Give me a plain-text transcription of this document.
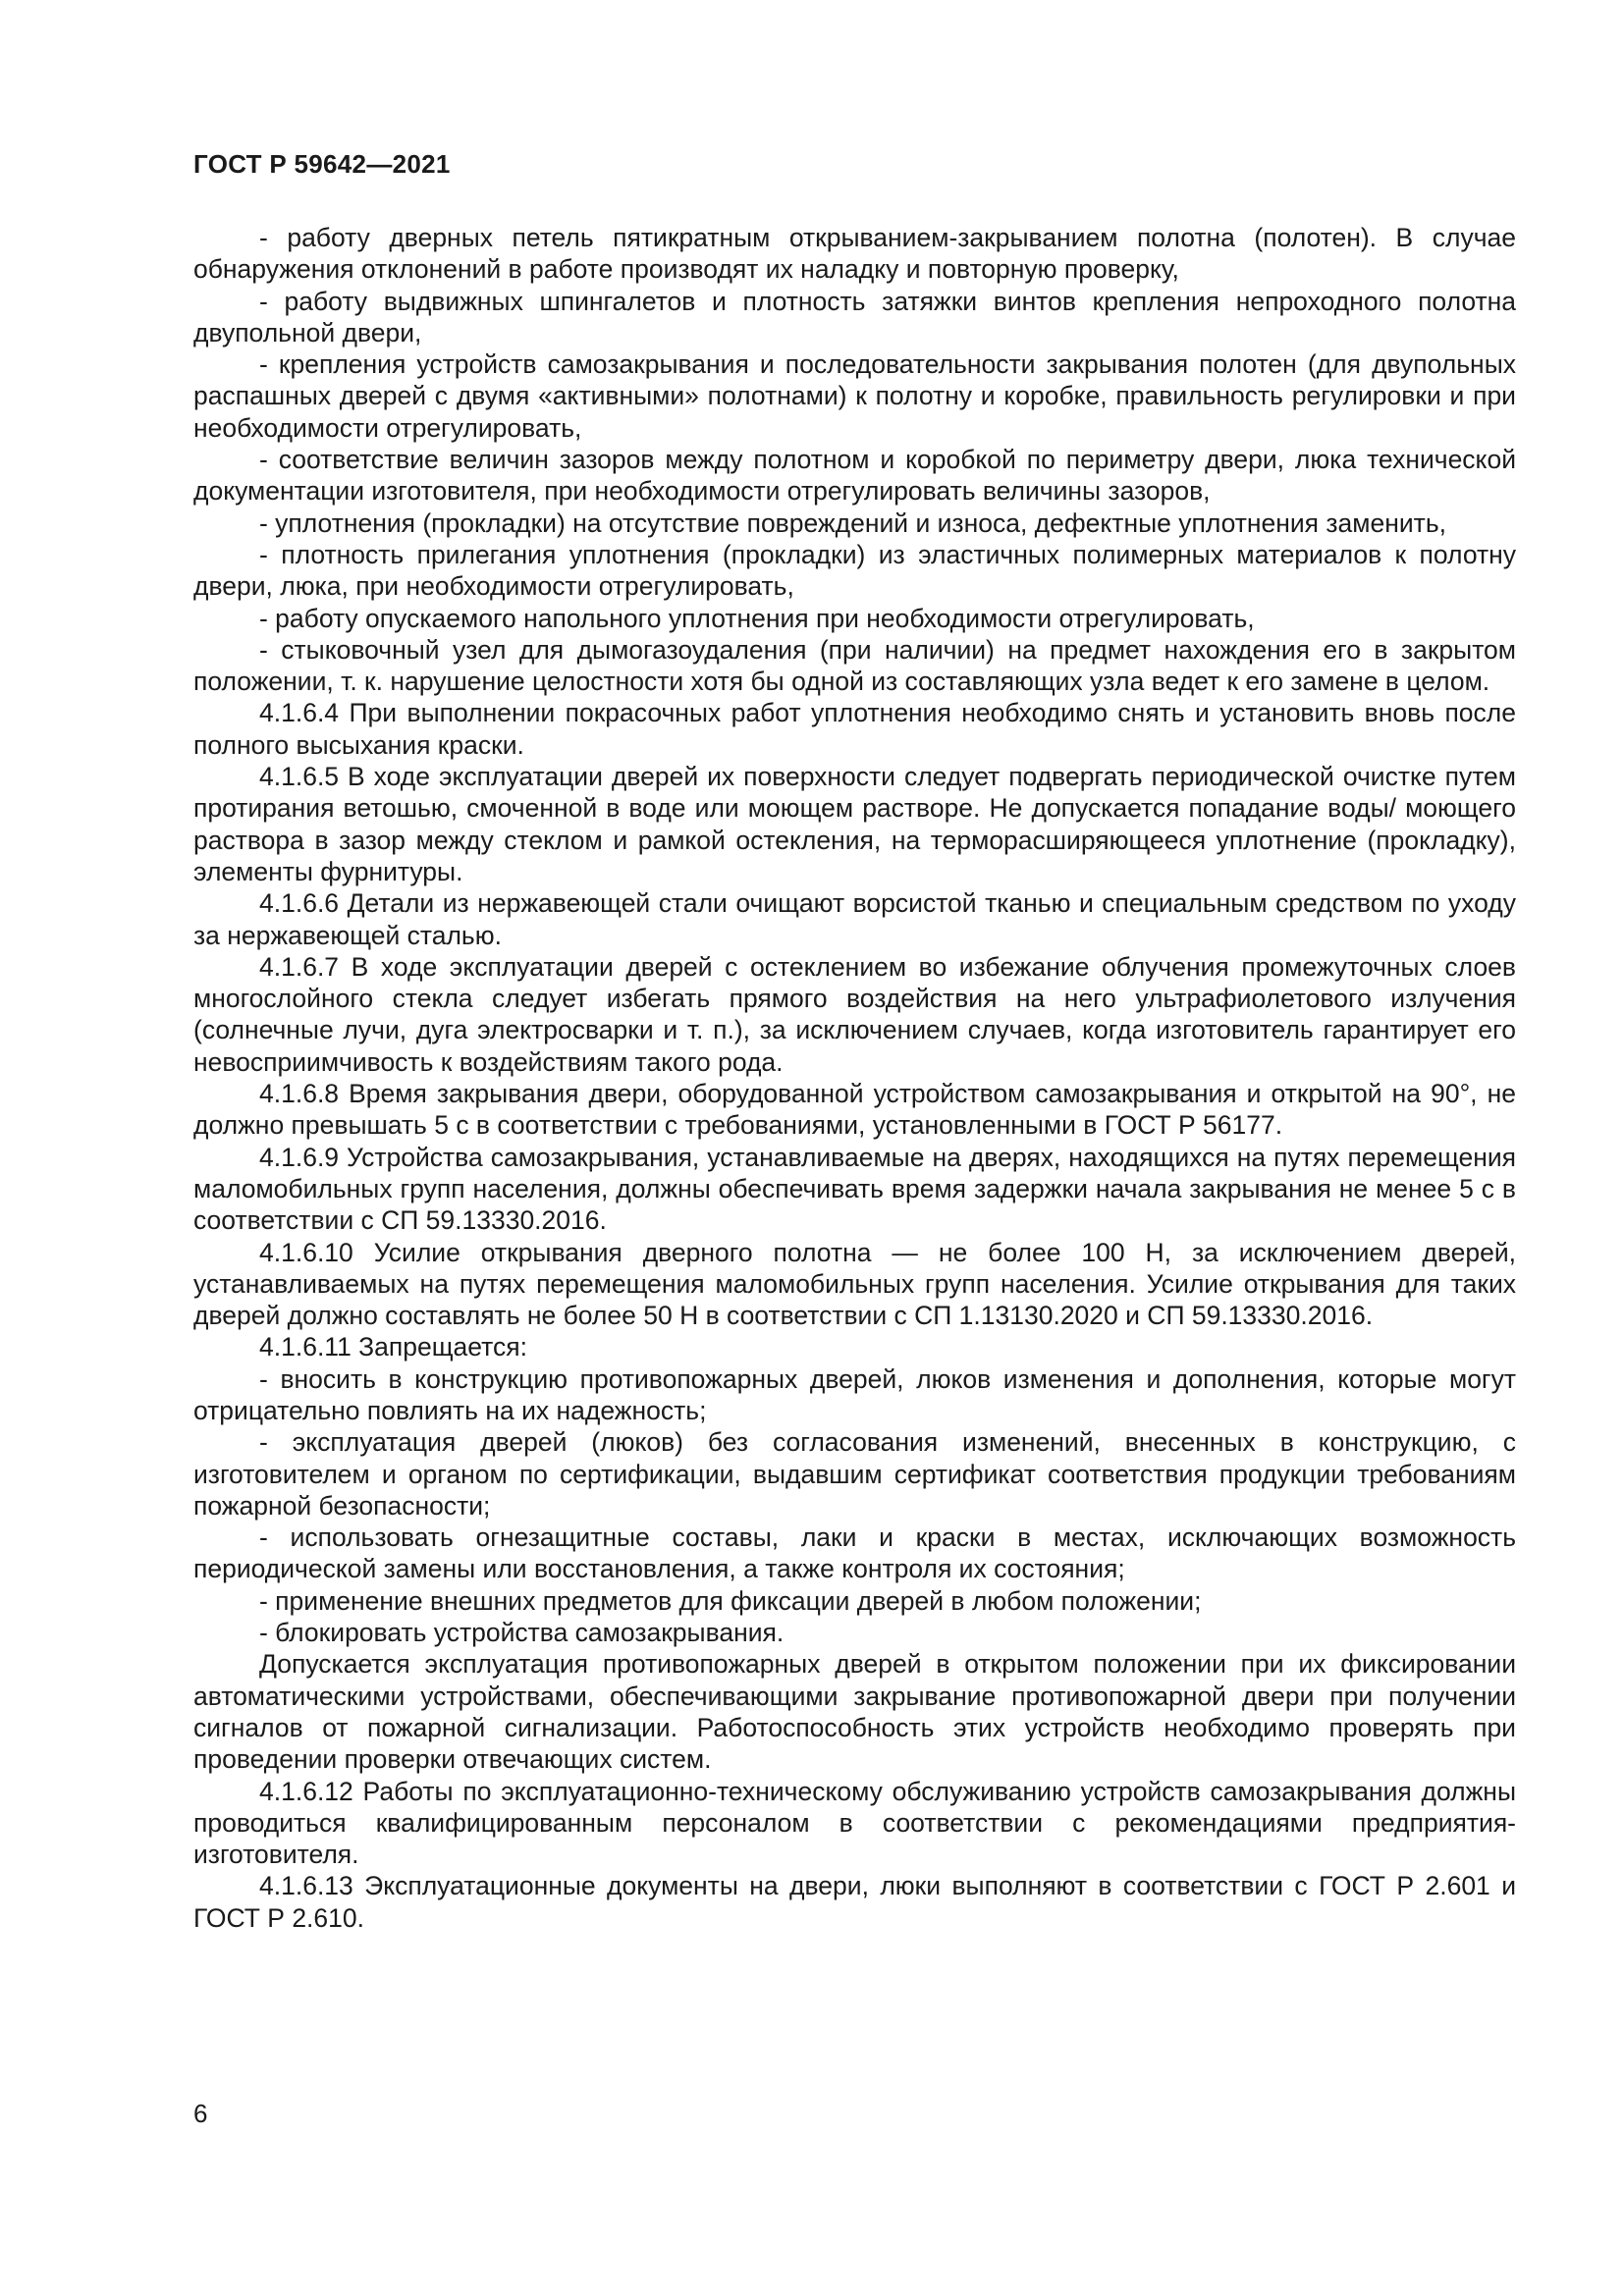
ГОСТ Р 59642—2021

- работу дверных петель пятикратным открыванием-закрыванием полотна (полотен). В случае обнаружения отклонений в работе производят их наладку и повторную проверку,

- работу выдвижных шпингалетов и плотность затяжки винтов крепления непроходного полотна двупольной двери,

- крепления устройств самозакрывания и последовательности закрывания полотен (для двупольных распашных дверей с двумя «активными» полотнами) к полотну и коробке, правильность регулировки и при необходимости отрегулировать,

- соответствие величин зазоров между полотном и коробкой по периметру двери, люка технической документации изготовителя, при необходимости отрегулировать величины зазоров,

- уплотнения (прокладки) на отсутствие повреждений и износа, дефектные уплотнения заменить,

- плотность прилегания уплотнения (прокладки) из эластичных полимерных материалов к полотну двери, люка, при необходимости отрегулировать,

- работу опускаемого напольного уплотнения при необходимости отрегулировать,

- стыковочный узел для дымогазоудаления (при наличии) на предмет нахождения его в закрытом положении, т. к. нарушение целостности хотя бы одной из составляющих узла ведет к его замене в целом.

4.1.6.4 При выполнении покрасочных работ уплотнения необходимо снять и установить вновь после полного высыхания краски.

4.1.6.5 В ходе эксплуатации дверей их поверхности следует подвергать периодической очистке путем протирания ветошью, смоченной в воде или моющем растворе. Не допускается попадание воды/ моющего раствора в зазор между стеклом и рамкой остекления, на терморасширяющееся уплотнение (прокладку), элементы фурнитуры.

4.1.6.6 Детали из нержавеющей стали очищают ворсистой тканью и специальным средством по уходу за нержавеющей сталью.

4.1.6.7 В ходе эксплуатации дверей с остеклением во избежание облучения промежуточных слоев многослойного стекла следует избегать прямого воздействия на него ультрафиолетового излучения (солнечные лучи, дуга электросварки и т. п.), за исключением случаев, когда изготовитель гарантирует его невосприимчивость к воздействиям такого рода.

4.1.6.8 Время закрывания двери, оборудованной устройством самозакрывания и открытой на 90°, не должно превышать 5 с в соответствии с требованиями, установленными в ГОСТ Р 56177.

4.1.6.9 Устройства самозакрывания, устанавливаемые на дверях, находящихся на путях перемещения маломобильных групп населения, должны обеспечивать время задержки начала закрывания не менее 5 с в соответствии с СП 59.13330.2016.

4.1.6.10 Усилие открывания дверного полотна — не более 100 Н, за исключением дверей, устанавливаемых на путях перемещения маломобильных групп населения. Усилие открывания для таких дверей должно составлять не более 50 Н в соответствии с СП 1.13130.2020 и СП 59.13330.2016.

4.1.6.11 Запрещается:

- вносить в конструкцию противопожарных дверей, люков изменения и дополнения, которые могут отрицательно повлиять на их надежность;

- эксплуатация дверей (люков) без согласования изменений, внесенных в конструкцию, с изготовителем и органом по сертификации, выдавшим сертификат соответствия продукции требованиям пожарной безопасности;

- использовать огнезащитные составы, лаки и краски в местах, исключающих возможность периодической замены или восстановления, а также контроля их состояния;

- применение внешних предметов для фиксации дверей в любом положении;

- блокировать устройства самозакрывания.

Допускается эксплуатация противопожарных дверей в открытом положении при их фиксировании автоматическими устройствами, обеспечивающими закрывание противопожарной двери при получении сигналов от пожарной сигнализации. Работоспособность этих устройств необходимо проверять при проведении проверки отвечающих систем.

4.1.6.12 Работы по эксплуатационно-техническому обслуживанию устройств самозакрывания должны проводиться квалифицированным персоналом в соответствии с рекомендациями предприятия-изготовителя.

4.1.6.13 Эксплуатационные документы на двери, люки выполняют в соответствии с ГОСТ Р 2.601 и ГОСТ Р 2.610.

6
